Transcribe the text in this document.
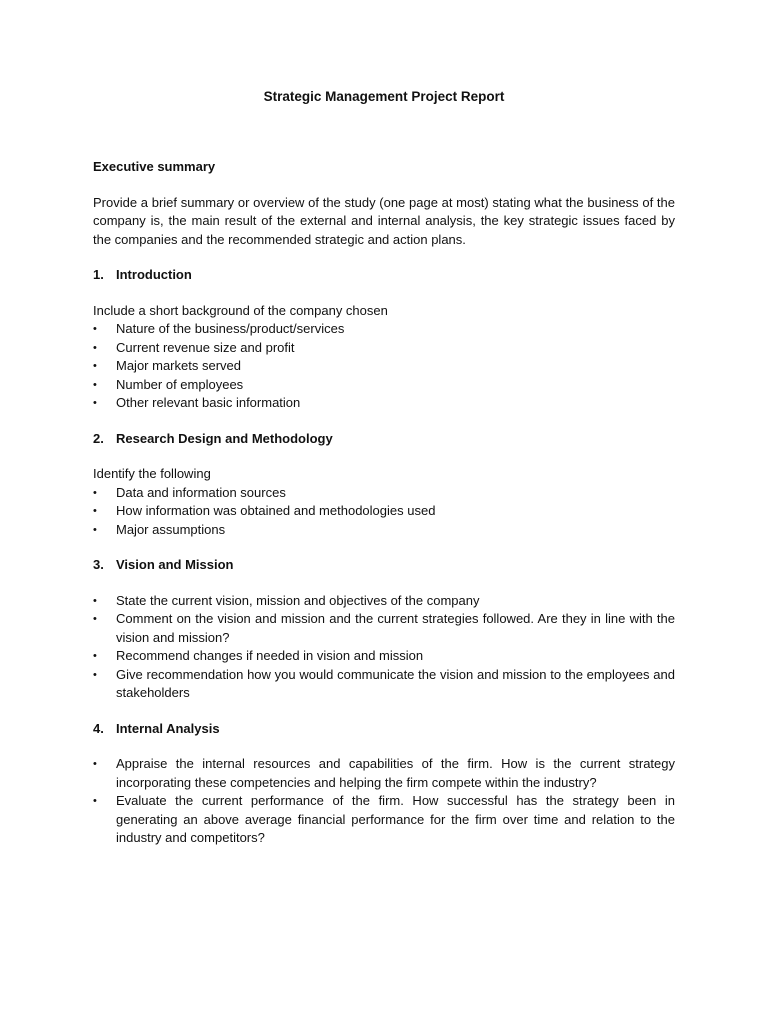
Strategic Management Project Report

Executive summary

Provide a brief summary or overview of the study (one page at most) stating what the business of the company is, the main result of the external and internal analysis, the key strategic issues faced by the companies and the recommended strategic and action plans.

1. Introduction

Include a short background of the company chosen

•	Nature of the business/product/services
•	Current revenue size and profit
•	Major markets served
•	Number of employees
•	Other relevant basic information

2. Research Design and Methodology

Identify the following

•	Data and information sources
•	How information was obtained and methodologies used
•	Major assumptions

3. Vision and Mission

•	State the current vision, mission and objectives of the company
•	Comment on the vision and mission and the current strategies followed. Are they in line with the vision and mission?
•	Recommend changes if needed in vision and mission
•	Give recommendation how you would communicate the vision and mission to the employees and stakeholders

4. Internal Analysis

•	Appraise the internal resources and capabilities of the firm. How is the current strategy incorporating these competencies and helping the firm compete within the industry?
•	Evaluate the current performance of the firm. How successful has the strategy been in generating an above average financial performance for the firm over time and relation to the industry and competitors?
